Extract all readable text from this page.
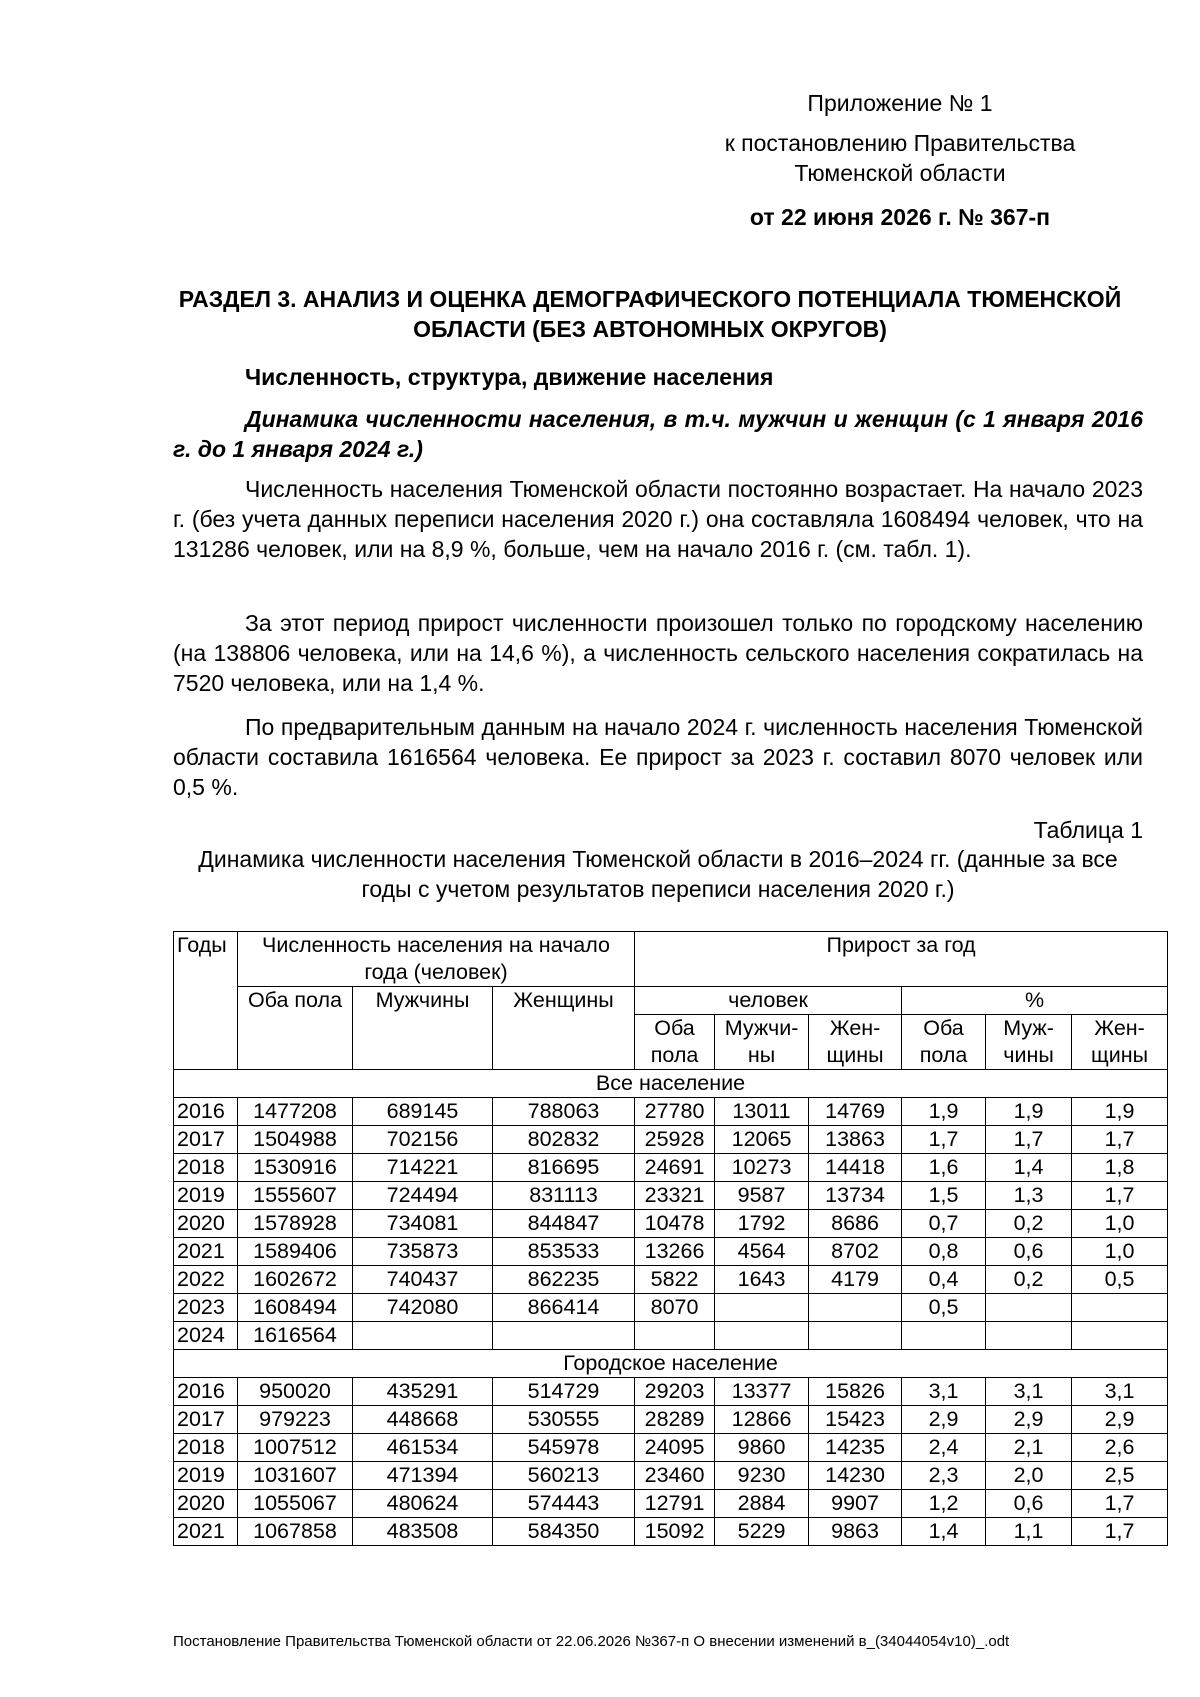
Приложение № 1
к постановлению Правительства
Тюменской области
от 22 июня 2026 г. № 367-п
РАЗДЕЛ 3. АНАЛИЗ И ОЦЕНКА ДЕМОГРАФИЧЕСКОГО ПОТЕНЦИАЛА ТЮМЕНСКОЙ ОБЛАСТИ (БЕЗ АВТОНОМНЫХ ОКРУГОВ)
Численность, структура, движение населения
Динамика численности населения, в т.ч. мужчин и женщин (с 1 января 2016 г. до 1 января 2024 г.)
Численность населения Тюменской области постоянно возрастает. На начало 2023 г. (без учета данных переписи населения 2020 г.) она составляла 1608494 человек, что на 131286 человек, или на 8,9 %, больше, чем на начало 2016 г. (см. табл. 1).
За этот период прирост численности произошел только по городскому населению (на 138806 человека, или на 14,6 %), а численность сельского населения сократилась на 7520 человека, или на 1,4 %.
По предварительным данным на начало 2024 г. численность населения Тюменской области составила 1616564 человека. Ее прирост за 2023 г. составил 8070 человек или 0,5 %.
Таблица 1
Динамика численности населения Тюменской области в 2016–2024 гг. (данные за все годы с учетом результатов переписи населения 2020 г.)
Годы	Численность населения на начало года (человек)			Прирост за год					
	Оба пола	Мужчины	Женщины	человек			%		
				Оба пола	Мужчи-ны	Жен-щины	Оба пола	Муж-чины	Жен-щины
Все население									
2016	1477208	689145	788063	27780	13011	14769	1,9	1,9	1,9
2017	1504988	702156	802832	25928	12065	13863	1,7	1,7	1,7
2018	1530916	714221	816695	24691	10273	14418	1,6	1,4	1,8
2019	1555607	724494	831113	23321	9587	13734	1,5	1,3	1,7
2020	1578928	734081	844847	10478	1792	8686	0,7	0,2	1,0
2021	1589406	735873	853533	13266	4564	8702	0,8	0,6	1,0
2022	1602672	740437	862235	5822	1643	4179	0,4	0,2	0,5
2023	1608494	742080	866414	8070			0,5		
2024	1616564								
Городское население									
2016	950020	435291	514729	29203	13377	15826	3,1	3,1	3,1
2017	979223	448668	530555	28289	12866	15423	2,9	2,9	2,9
2018	1007512	461534	545978	24095	9860	14235	2,4	2,1	2,6
2019	1031607	471394	560213	23460	9230	14230	2,3	2,0	2,5
2020	1055067	480624	574443	12791	2884	9907	1,2	0,6	1,7
2021	1067858	483508	584350	15092	5229	9863	1,4	1,1	1,7
Постановление Правительства Тюменской области от 22.06.2026 №367-п О внесении изменений в_(34044054v10)_.odt
